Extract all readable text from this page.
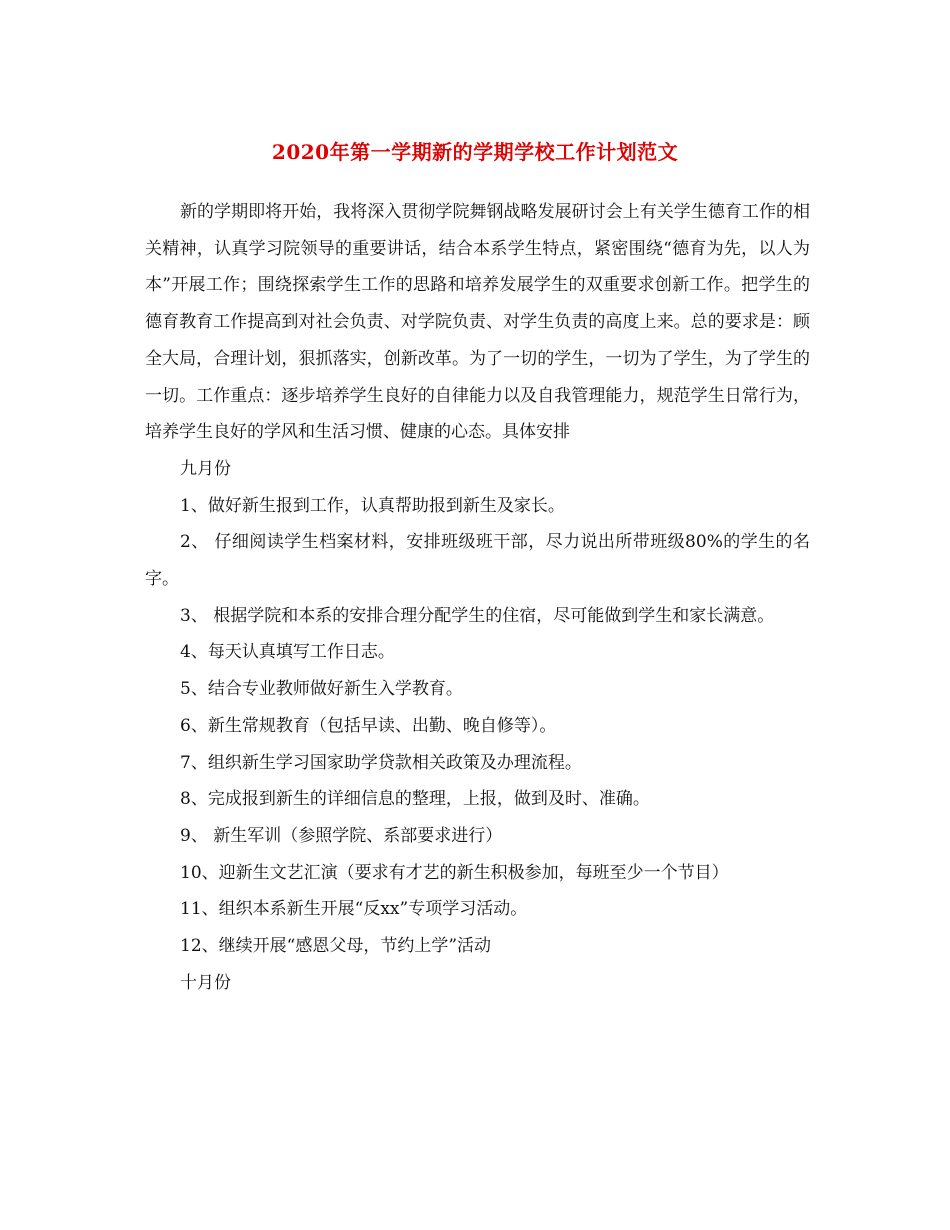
2020年第一学期新的学期学校工作计划范文

新的学期即将开始，我将深入贯彻学院舞钢战略发展研讨会上有关学生德育工作的相关精神，认真学习院领导的重要讲话，结合本系学生特点，紧密围绕“德育为先，以人为本”开展工作；围绕探索学生工作的思路和培养发展学生的双重要求创新工作。把学生的德育教育工作提高到对社会负责、对学院负责、对学生负责的高度上来。总的要求是：顾全大局，合理计划，狠抓落实，创新改革。为了一切的学生，一切为了学生，为了学生的一切。工作重点：逐步培养学生良好的自律能力以及自我管理能力，规范学生日常行为，培养学生良好的学风和生活习惯、健康的心态。具体安排

九月份

1、做好新生报到工作，认真帮助报到新生及家长。

2、 仔细阅读学生档案材料，安排班级班干部，尽力说出所带班级80%的学生的名字。

3、 根据学院和本系的安排合理分配学生的住宿，尽可能做到学生和家长满意。

4、每天认真填写工作日志。

5、结合专业教师做好新生入学教育。

6、新生常规教育（包括早读、出勤、晚自修等）。

7、组织新生学习国家助学贷款相关政策及办理流程。

8、完成报到新生的详细信息的整理，上报，做到及时、准确。

9、 新生军训（参照学院、系部要求进行）

10、迎新生文艺汇演（要求有才艺的新生积极参加，每班至少一个节目）

11、组织本系新生开展“反xx”专项学习活动。

12、继续开展“感恩父母，节约上学”活动

十月份
